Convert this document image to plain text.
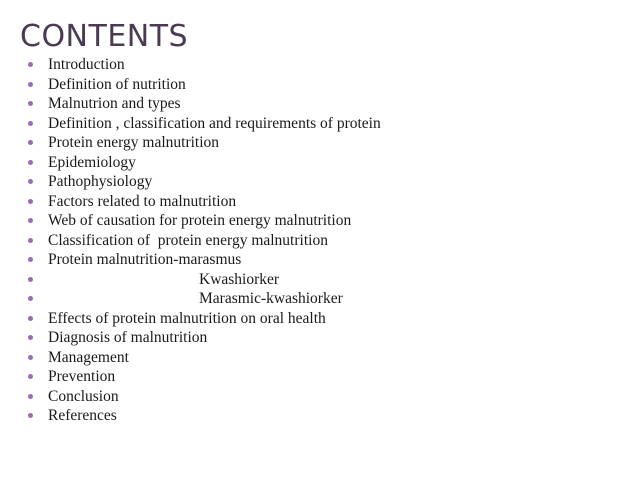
CONTENTS
Introduction
Definition of nutrition
Malnutrion and types
Definition , classification and requirements of protein
Protein energy malnutrition
Epidemiology
Pathophysiology
Factors related to malnutrition
Web of causation for protein energy malnutrition
Classification of  protein energy malnutrition
Protein malnutrition-marasmus
Kwashiorker
Marasmic-kwashiorker
Effects of protein malnutrition on oral health
Diagnosis of malnutrition
Management
Prevention
Conclusion
References
